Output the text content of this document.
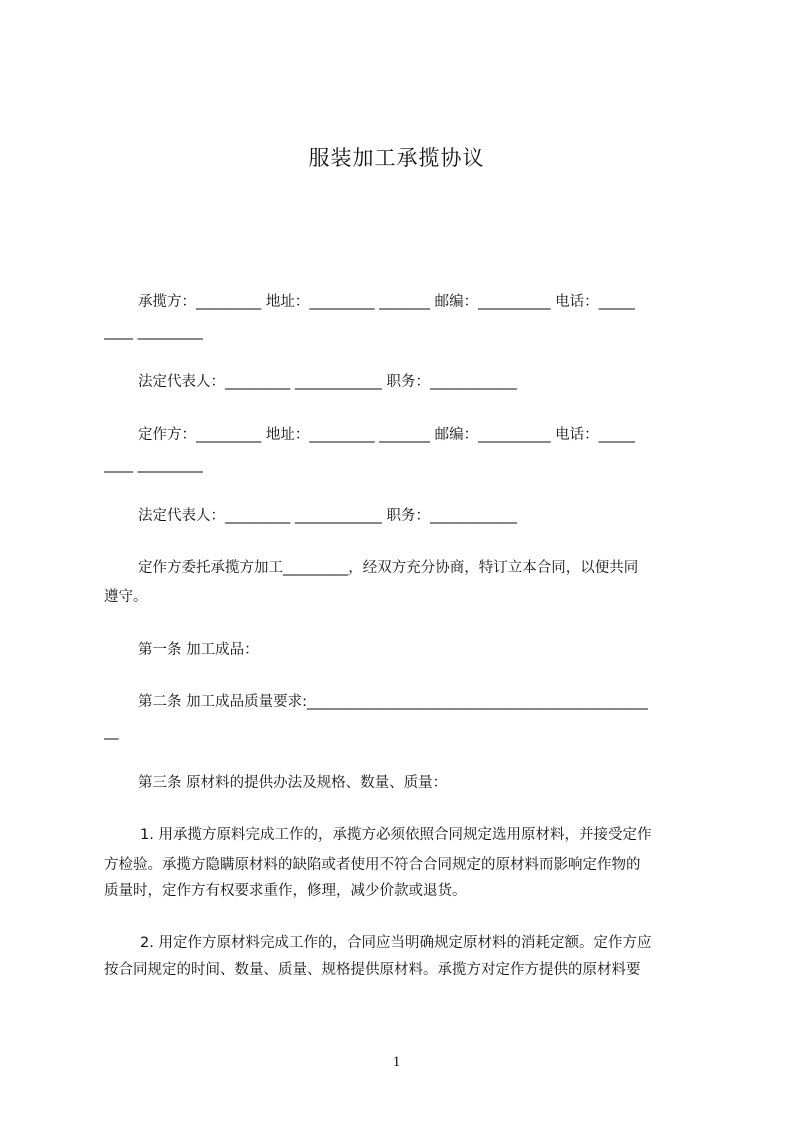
服装加工承揽协议
承揽方：_________ 地址：_________ _______ 邮编：__________ 电话：_____
____ _________
法定代表人：_________ ____________ 职务：____________
定作方：_________ 地址：_________ _______ 邮编：__________ 电话：_____
____ _________
法定代表人：_________ ____________ 职务：____________
定作方委托承揽方加工_________，经双方充分协商，特订立本合同，以便共同
遵守。
第一条 加工成品：
第二条 加工成品质量要求:_______________________________________________
__
第三条 原材料的提供办法及规格、数量、质量：
1. 用承揽方原料完成工作的，承揽方必须依照合同规定选用原材料，并接受定作
方检验。承揽方隐瞒原材料的缺陷或者使用不符合合同规定的原材料而影响定作物的
质量时，定作方有权要求重作，修理，减少价款或退货。
2. 用定作方原材料完成工作的，合同应当明确规定原材料的消耗定额。定作方应
按合同规定的时间、数量、质量、规格提供原材料。承揽方对定作方提供的原材料要
1
